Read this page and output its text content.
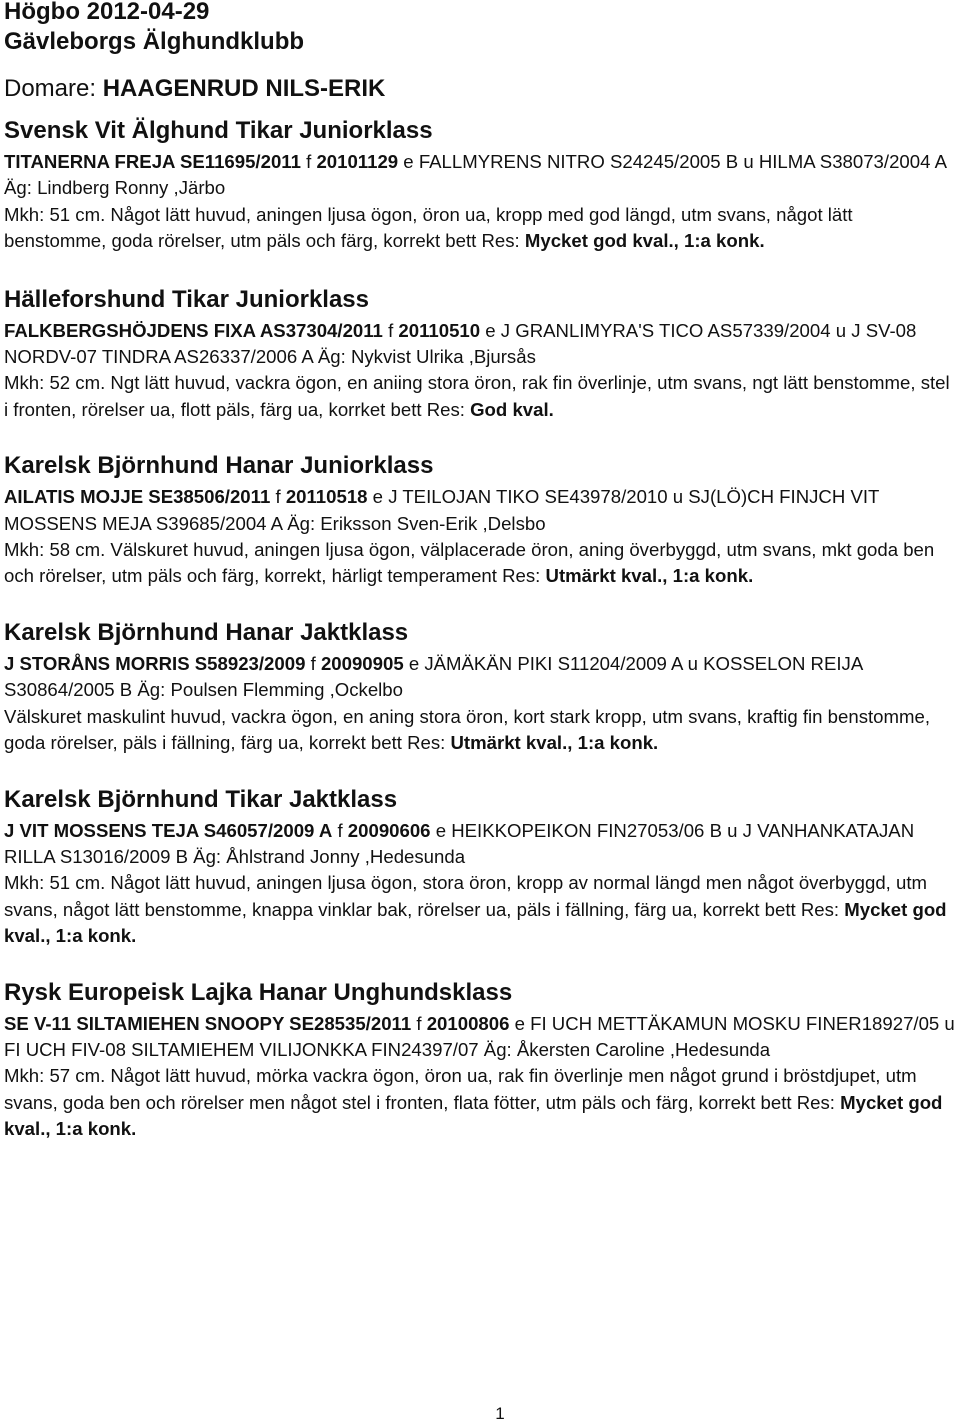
Högbo 2012-04-29
Gävleborgs Älghundklubb
Domare: HAAGENRUD NILS-ERIK
Svensk Vit Älghund Tikar Juniorklass
TITANERNA FREJA SE11695/2011 f 20101129 e FALLMYRENS NITRO S24245/2005 B u HILMA S38073/2004 A Äg: Lindberg Ronny ,Järbo
Mkh: 51 cm. Något lätt huvud, aningen ljusa ögon, öron ua, kropp med god längd, utm svans, något lätt benstomme, goda rörelser, utm päls och färg, korrekt bett Res: Mycket god kval., 1:a konk.
Hälleforshund Tikar Juniorklass
FALKBERGSHÖJDENS FIXA AS37304/2011 f 20110510 e J GRANLIMYRA'S TICO AS57339/2004 u J SV-08 NORDV-07 TINDRA AS26337/2006 A Äg: Nykvist Ulrika ,Bjursås
Mkh: 52 cm. Ngt lätt huvud, vackra ögon, en aniing stora öron, rak fin överlinje, utm svans, ngt lätt benstomme, stel i fronten, rörelser ua, flott päls, färg ua, korrket bett Res: God kval.
Karelsk Björnhund Hanar Juniorklass
AILATIS MOJJE SE38506/2011 f 20110518 e J TEILOJAN TIKO SE43978/2010 u SJ(LÖ)CH FINJCH VIT MOSSENS MEJA S39685/2004 A Äg: Eriksson Sven-Erik ,Delsbo
Mkh: 58 cm. Välskuret huvud, aningen ljusa ögon, välplacerade öron, aning överbyggd, utm svans, mkt goda ben och rörelser, utm päls och färg, korrekt, härligt temperament Res: Utmärkt kval., 1:a konk.
Karelsk Björnhund Hanar Jaktklass
J STORÅNS MORRIS S58923/2009 f 20090905 e JÄMÄKÄN PIKI S11204/2009 A u KOSSELON REIJA S30864/2005 B Äg: Poulsen Flemming ,Ockelbo
Välskuret maskulint huvud, vackra ögon, en aning stora öron, kort stark kropp, utm svans, kraftig fin benstomme, goda rörelser, päls i fällning, färg ua, korrekt bett Res: Utmärkt kval., 1:a konk.
Karelsk Björnhund Tikar Jaktklass
J VIT MOSSENS TEJA S46057/2009 A f 20090606 e HEIKKOPEIKON FIN27053/06 B u J VANHANKATAJAN RILLA S13016/2009 B Äg: Åhlstrand Jonny ,Hedesunda
Mkh: 51 cm. Något lätt huvud, aningen ljusa ögon, stora öron, kropp av normal längd men något överbyggd, utm svans, något lätt benstomme, knappa vinklar bak, rörelser ua, päls i fällning, färg ua, korrekt bett Res: Mycket god kval., 1:a konk.
Rysk Europeisk Lajka Hanar Unghundsklass
SE V-11 SILTAMIEHEN SNOOPY SE28535/2011 f 20100806 e FI UCH METTÄKAMUN MOSKU FINER18927/05 u FI UCH FIV-08 SILTAMIEHEM VILIJONKKA FIN24397/07 Äg: Åkersten Caroline ,Hedesunda
Mkh: 57 cm. Något lätt huvud, mörka vackra ögon, öron ua, rak fin överlinje men något grund i bröstdjupet, utm svans, goda ben och rörelser men något stel i fronten, flata fötter, utm päls och färg, korrekt bett Res: Mycket god kval., 1:a konk.
1
